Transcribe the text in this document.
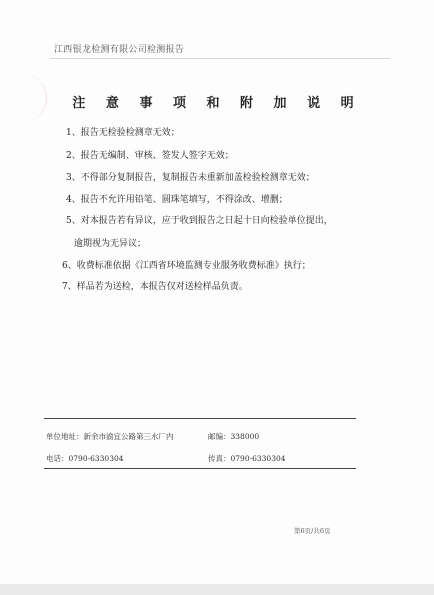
江西银龙检测有限公司检测报告
注 意 事 项 和 附 加 说 明
1、报告无检验检测章无效；
2、报告无编制、审核、签发人签字无效；
3、不得部分复制报告，复制报告未重新加盖检验检测章无效；
4、报告不允许用铅笔、圆珠笔填写，不得涂改、增删；
5、对本报告若有异议，应于收到报告之日起十日向检验单位提出，
逾期视为无异议；
6、收费标准依据《江西省环境监测专业服务收费标准》执行；
7、样品若为送检，本报告仅对送检样品负责。
单位地址：新余市渝宜公路第三水厂内	邮编：338000
电话：0790-6330304	传真：0790-6330304
第6页/共6页
